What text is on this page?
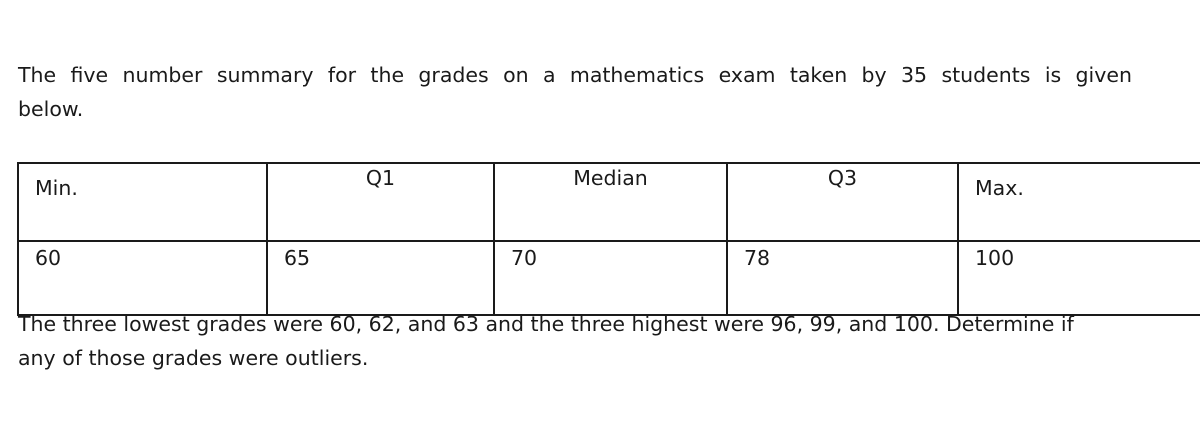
The five number summary for the grades on a mathematics exam taken by 35 students is given
below.

Min.	Q1	Median	Q3	Max.
60	65	70	78	100

The three lowest grades were 60, 62, and 63 and the three highest were 96, 99, and 100. Determine if
any of those grades were outliers.
